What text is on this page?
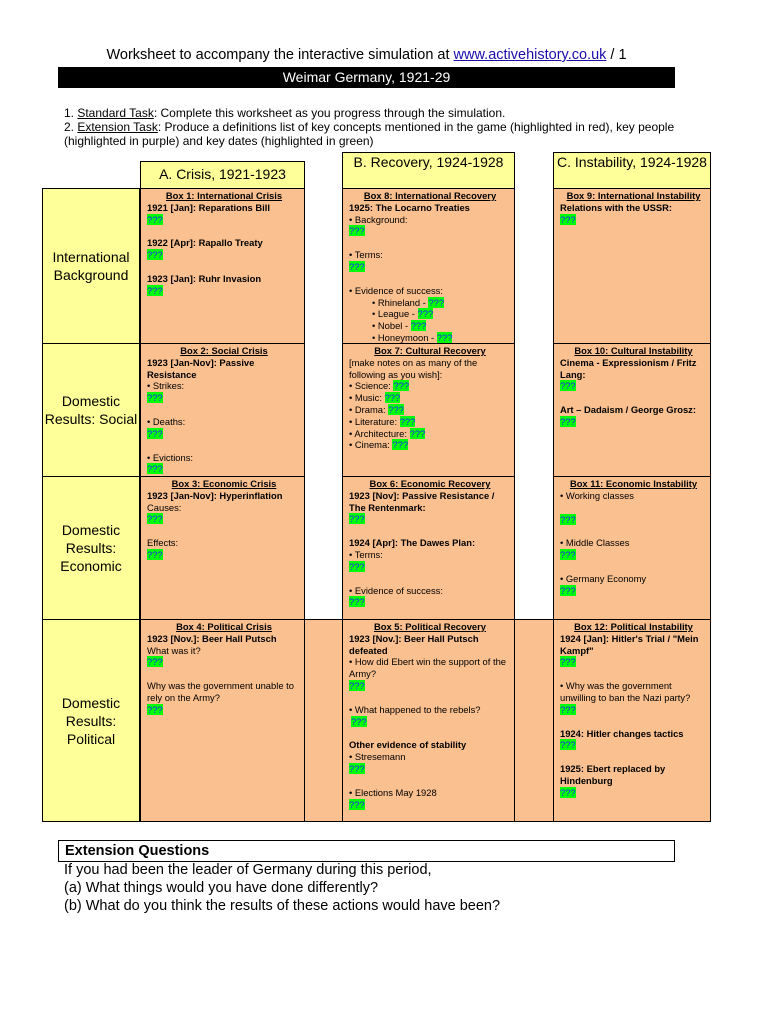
Worksheet to accompany the interactive simulation at www.activehistory.co.uk / 1
Weimar Germany, 1921-29
1. Standard Task: Complete this worksheet as you progress through the simulation.
2. Extension Task: Produce a definitions list of key concepts mentioned in the game (highlighted in red), key people (highlighted in purple) and key dates (highlighted in green)
A. Crisis, 1921-1923
B. Recovery, 1924-1928	C. Instability, 1924-1928
International Background
Domestic Results: Social
Domestic Results: Economic
Domestic Results: Political
Box 1: International Crisis
1921 [Jan]: Reparations Bill
???
1922 [Apr]: Rapallo Treaty
???
1923 [Jan]: Ruhr Invasion
???
Box 2: Social Crisis
1923 [Jan-Nov]: Passive Resistance
• Strikes:
???
• Deaths:
???
• Evictions:
???
Box 3: Economic Crisis
1923 [Jan-Nov]: Hyperinflation
Causes:
???
Effects:
???
Box 4: Political Crisis
1923 [Nov.]: Beer Hall Putsch
What was it?
???
Why was the government unable to rely on the Army?
???
Box 8: International Recovery
1925: The Locarno Treaties
• Background:
???
• Terms:
???
• Evidence of success:
• Rhineland - ???
• League - ???
• Nobel - ???
• Honeymoon - ???
Box 7: Cultural Recovery
[make notes on as many of the following as you wish]:
• Science: ???
• Music: ???
• Drama: ???
• Literature: ???
• Architecture: ???
• Cinema: ???
Box 6: Economic Recovery
1923 [Nov]: Passive Resistance / The Rentenmark:
???
1924 [Apr]: The Dawes Plan:
• Terms:
???
• Evidence of success:
???
Box 5: Political Recovery
1923 [Nov.]: Beer Hall Putsch defeated
• How did Ebert win the support of the Army?
???
• What happened to the rebels?
???
Other evidence of stability
• Stresemann
???
• Elections May 1928
???
Box 9: International Instability
Relations with the USSR:
???
Box 10: Cultural Instability
Cinema - Expressionism / Fritz Lang:
???
Art – Dadaism / George Grosz:
???
Box 11: Economic Instability
• Working classes
???
• Middle Classes
???
• Germany Economy
???
Box 12: Political Instability
1924 [Jan]: Hitler's Trial / "Mein Kampf"
???
• Why was the government unwilling to ban the Nazi party?
???
1924: Hitler changes tactics
???
1925: Ebert replaced by Hindenburg
???
Extension Questions
If you had been the leader of Germany during this period,
(a) What things would you have done differently?
(b) What do you think the results of these actions would have been?
